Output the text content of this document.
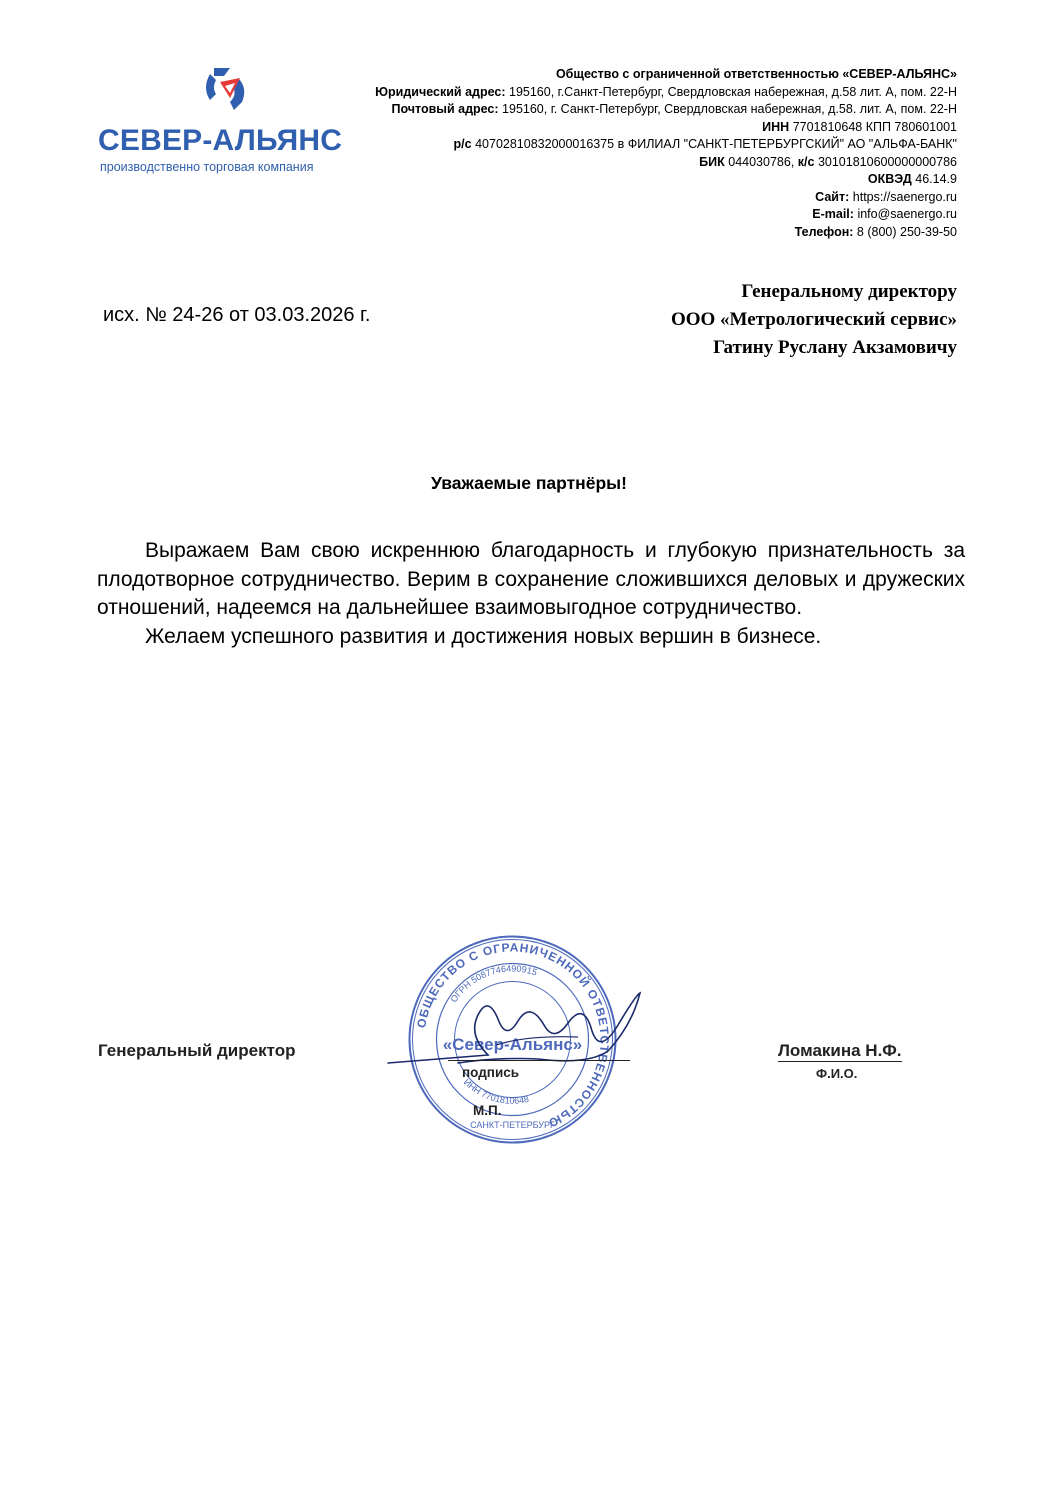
СЕВЕР-АЛЬЯНС
производственно торговая компания
Общество с ограниченной ответственностью «СЕВЕР-АЛЬЯНС»
Юридический адрес: 195160, г.Санкт-Петербург, Свердловская набережная, д.58 лит. А, пом. 22-Н
Почтовый адрес: 195160, г. Санкт-Петербург, Свердловская набережная, д.58. лит. А, пом. 22-Н
ИНН 7701810648 КПП 780601001
р/с 40702810832000016375 в ФИЛИАЛ "САНКТ-ПЕТЕРБУРГСКИЙ" АО "АЛЬФА-БАНК"
БИК 044030786, к/с 30101810600000000786
ОКВЭД 46.14.9
Сайт: https://saenergo.ru
E-mail: info@saenergo.ru
Телефон: 8 (800) 250-39-50
исх. № 24-26 от 03.03.2026 г.
Генеральному директору
ООО «Метрологический сервис»
Гатину Руслану Акзамовичу
Уважаемые партнёры!

Выражаем Вам свою искреннюю благодарность и глубокую признательность за плодотворное сотрудничество. Верим в сохранение сложившихся деловых и дружеских отношений, надеемся на дальнейшее взаимовыгодное сотрудничество.

Желаем успешного развития и достижения новых вершин в бизнесе.

ОБЩЕСТВО С ОГРАНИЧЕННОЙ ОТВЕТСТВЕННОСТЬЮ
ОГРН 5087746490915
ИНН 7701810648
«Север-Альянс»
САНКТ-ПЕТЕРБУРГ
Генеральный директор
подпись
М.П.
Ломакина Н.Ф.
Ф.И.О.
